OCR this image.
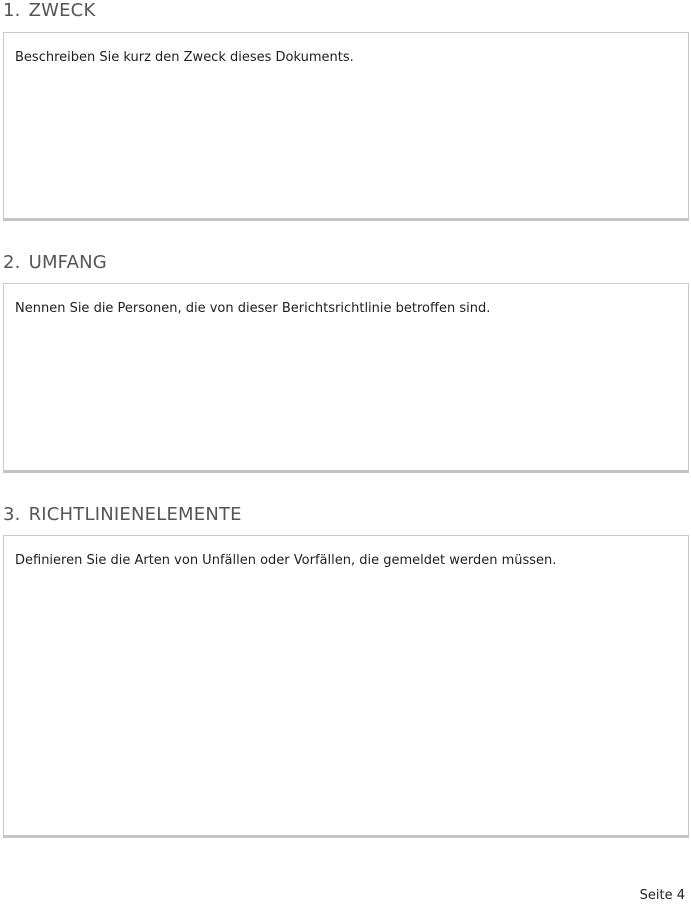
1. ZWECK

Beschreiben Sie kurz den Zweck dieses Dokuments.

2. UMFANG

Nennen Sie die Personen, die von dieser Berichtsrichtlinie betroffen sind.

3. RICHTLINIENELEMENTE

Definieren Sie die Arten von Unfällen oder Vorfällen, die gemeldet werden müssen.

Seite 4
